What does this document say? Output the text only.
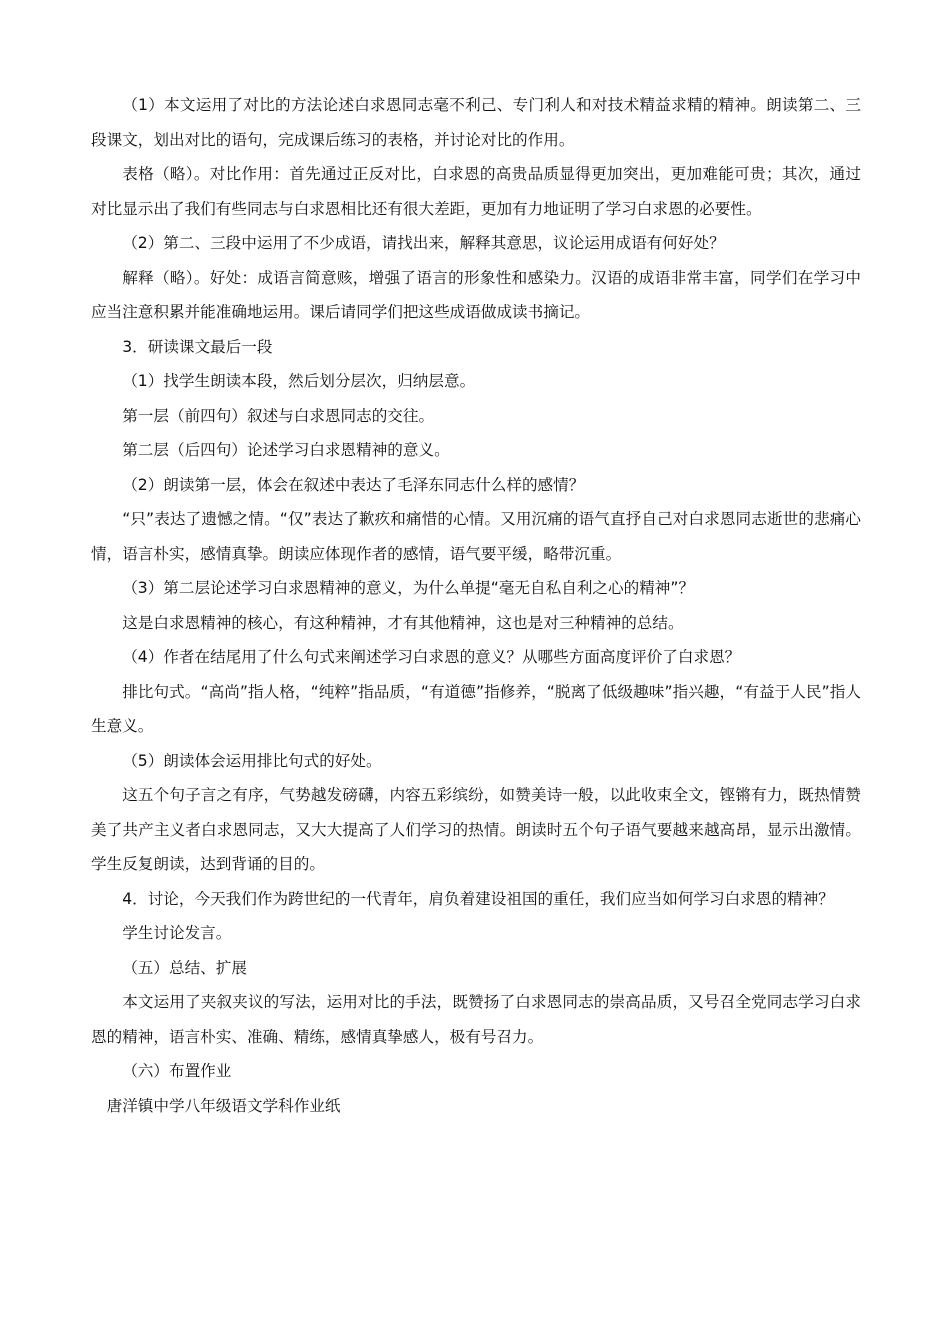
（1）本文运用了对比的方法论述白求恩同志毫不利己、专门利人和对技术精益求精的精神。朗读第二、三段课文，划出对比的语句，完成课后练习的表格，并讨论对比的作用。

表格（略）。对比作用：首先通过正反对比，白求恩的高贵品质显得更加突出，更加难能可贵；其次，通过对比显示出了我们有些同志与白求恩相比还有很大差距，更加有力地证明了学习白求恩的必要性。

（2）第二、三段中运用了不少成语，请找出来，解释其意思，议论运用成语有何好处？

解释（略）。好处：成语言简意赅，增强了语言的形象性和感染力。汉语的成语非常丰富，同学们在学习中应当注意积累并能准确地运用。课后请同学们把这些成语做成读书摘记。

3．研读课文最后一段

（1）找学生朗读本段，然后划分层次，归纳层意。

第一层（前四句）叙述与白求恩同志的交往。

第二层（后四句）论述学习白求恩精神的意义。

（2）朗读第一层，体会在叙述中表达了毛泽东同志什么样的感情？

“只”表达了遗憾之情。“仅”表达了歉疚和痛惜的心情。又用沉痛的语气直抒自己对白求恩同志逝世的悲痛心情，语言朴实，感情真挚。朗读应体现作者的感情，语气要平缓，略带沉重。

（3）第二层论述学习白求恩精神的意义，为什么单提“毫无自私自利之心的精神”？

这是白求恩精神的核心，有这种精神，才有其他精神，这也是对三种精神的总结。

（4）作者在结尾用了什么句式来阐述学习白求恩的意义？从哪些方面高度评价了白求恩？

排比句式。“高尚”指人格，“纯粹”指品质，“有道德”指修养，“脱离了低级趣味”指兴趣，“有益于人民”指人生意义。

（5）朗读体会运用排比句式的好处。

这五个句子言之有序，气势越发磅礴，内容五彩缤纷，如赞美诗一般，以此收束全文，铿锵有力，既热情赞美了共产主义者白求恩同志，又大大提高了人们学习的热情。朗读时五个句子语气要越来越高昂，显示出激情。学生反复朗读，达到背诵的目的。

4．讨论，今天我们作为跨世纪的一代青年，肩负着建设祖国的重任，我们应当如何学习白求恩的精神？

学生讨论发言。

（五）总结、扩展

本文运用了夹叙夹议的写法，运用对比的手法，既赞扬了白求恩同志的崇高品质，又号召全党同志学习白求恩的精神，语言朴实、准确、精练，感情真挚感人，极有号召力。

（六）布置作业

唐洋镇中学八年级语文学科作业纸
